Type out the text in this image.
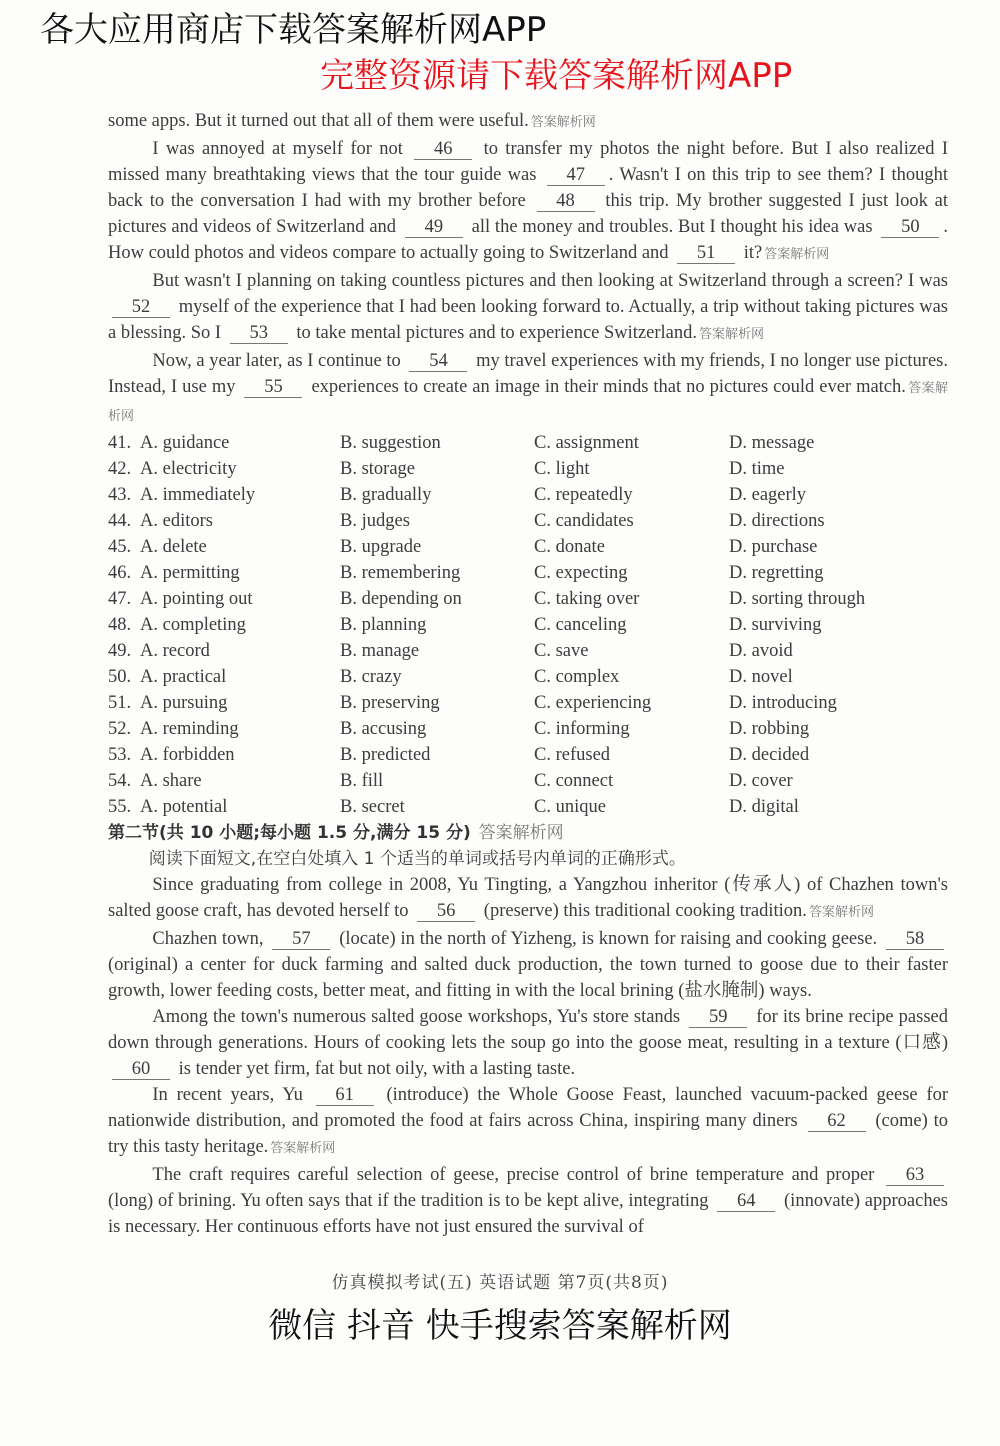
各大应用商店下载答案解析网APP
完整资源请下载答案解析网APP
some apps. But it turned out that all of them were useful. 答案解析网
I was annoyed at myself for not 46 to transfer my photos the night before. But I also realized I missed many breathtaking views that the tour guide was 47 . Wasn't I on this trip to see them? I thought back to the conversation I had with my brother before 48 this trip. My brother suggested I just look at pictures and videos of Switzerland and 49 all the money and troubles. But I thought his idea was 50 . How could photos and videos compare to actually going to Switzerland and 51 it? 答案解析网
But wasn't I planning on taking countless pictures and then looking at Switzerland through a screen? I was 52 myself of the experience that I had been looking forward to. Actually, a trip without taking pictures was a blessing. So I 53 to take mental pictures and to experience Switzerland. 答案解析网
Now, a year later, as I continue to 54 my travel experiences with my friends, I no longer use pictures. Instead, I use my 55 experiences to create an image in their minds that no pictures could ever match. 答案解析网
41. A. guidance	B. suggestion	C. assignment	D. message
42. A. electricity	B. storage	C. light	D. time
43. A. immediately	B. gradually	C. repeatedly	D. eagerly
44. A. editors	B. judges	C. candidates	D. directions
45. A. delete	B. upgrade	C. donate	D. purchase
46. A. permitting	B. remembering	C. expecting	D. regretting
47. A. pointing out	B. depending on	C. taking over	D. sorting through
48. A. completing	B. planning	C. canceling	D. surviving
49. A. record	B. manage	C. save	D. avoid
50. A. practical	B. crazy	C. complex	D. novel
51. A. pursuing	B. preserving	C. experiencing	D. introducing
52. A. reminding	B. accusing	C. informing	D. robbing
53. A. forbidden	B. predicted	C. refused	D. decided
54. A. share	B. fill	C. connect	D. cover
55. A. potential	B. secret	C. unique	D. digital
第二节(共 10 小题;每小题 1.5 分,满分 15 分) 答案解析网
阅读下面短文,在空白处填入 1 个适当的单词或括号内单词的正确形式。
Since graduating from college in 2008, Yu Tingting, a Yangzhou inheritor (传承人) of Chazhen town's salted goose craft, has devoted herself to 56 (preserve) this traditional cooking tradition. 答案解析网
Chazhen town, 57 (locate) in the north of Yizheng, is known for raising and cooking geese. 58 (original) a center for duck farming and salted duck production, the town turned to goose due to their faster growth, lower feeding costs, better meat, and fitting in with the local brining (盐水腌制) ways.
Among the town's numerous salted goose workshops, Yu's store stands 59 for its brine recipe passed down through generations. Hours of cooking lets the soup go into the goose meat, resulting in a texture (口感) 60 is tender yet firm, fat but not oily, with a lasting taste.
In recent years, Yu 61 (introduce) the Whole Goose Feast, launched vacuum-packed geese for nationwide distribution, and promoted the food at fairs across China, inspiring many diners 62 (come) to try this tasty heritage. 答案解析网
The craft requires careful selection of geese, precise control of brine temperature and proper 63 (long) of brining. Yu often says that if the tradition is to be kept alive, integrating 64 (innovate) approaches is necessary. Her continuous efforts have not just ensured the survival of
仿真模拟考试(五) 英语试题 第7页(共8页)
微信 抖音 快手搜索答案解析网
